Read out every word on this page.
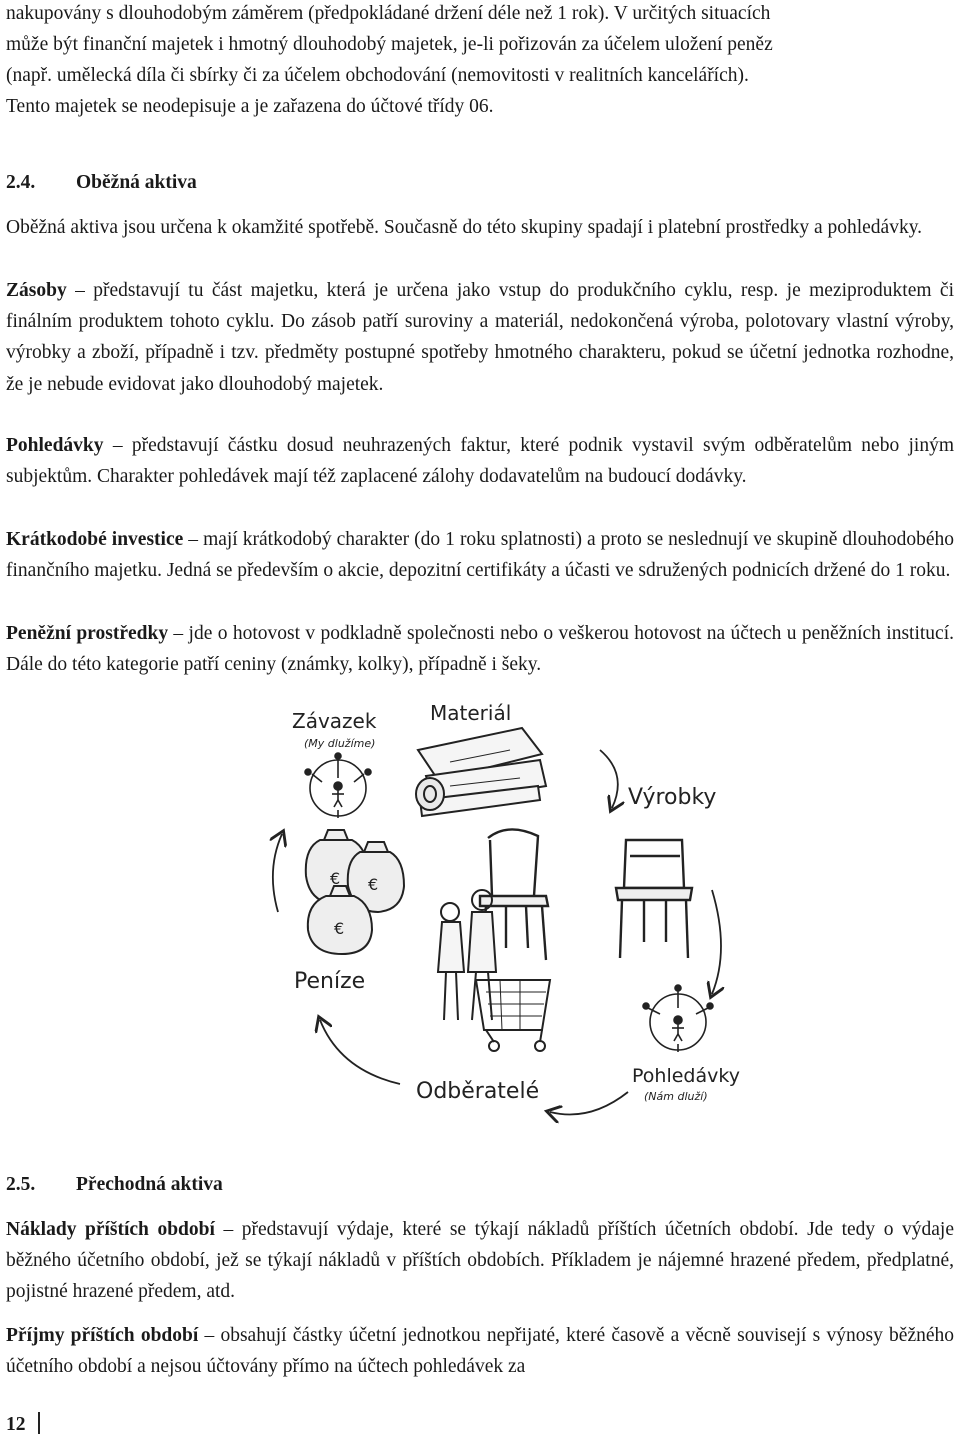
nakupovány s dlouhodobým záměrem (předpokládané držení déle než 1 rok). V určitých situacích

může být finanční majetek i hmotný dlouhodobý majetek, je-li pořizován za účelem uložení peněz

(např. umělecká díla či sbírky či za účelem obchodování (nemovitosti v realitních kancelářích).

Tento majetek se neodepisuje a je zařazena do účtové třídy 06.

2.4. Oběžná aktiva

Oběžná aktiva jsou určena k okamžité spotřebě. Současně do této skupiny spadají i platební prostředky a pohledávky.

Zásoby – představují tu část majetku, která je určena jako vstup do produkčního cyklu, resp. je meziproduktem či finálním produktem tohoto cyklu. Do zásob patří suroviny a materiál, nedokončená výroba, polotovary vlastní výroby, výrobky a zboží, případně i tzv. předměty postupné spotřeby hmotného charakteru, pokud se účetní jednotka rozhodne, že je nebude evidovat jako dlouhodobý majetek.

Pohledávky – představují částku dosud neuhrazených faktur, které podnik vystavil svým odběratelům nebo jiným subjektům. Charakter pohledávek mají též zaplacené zálohy dodavatelům na budoucí dodávky.

Krátkodobé investice – mají krátkodobý charakter (do 1 roku splatnosti) a proto se neslednují ve skupině dlouhodobého finančního majetku. Jedná se především o akcie, depozitní certifikáty a účasti ve sdružených podnicích držené do 1 roku.

Peněžní prostředky – jde o hotovost v podkladně společnosti nebo o veškerou hotovost na účtech u peněžních institucí. Dále do této kategorie patří ceniny (známky, kolky), případně i šeky.

Závazek
(My dlužíme)
Materiál
Výrobky
Pohledávky
(Nám dluží)
Odběratelé
€ €
€
Peníze
2.5. Přechodná aktiva

Náklady příštích období – představují výdaje, které se týkají nákladů příštích účetních období. Jde tedy o výdaje běžného účetního období, jež se týkají nákladů v příštích obdobích. Příkladem je nájemné hrazené předem, předplatné, pojistné hrazené předem, atd.

Příjmy příštích období – obsahují částky účetní jednotkou nepřijaté, které časově a věcně souvisejí s výnosy běžného účetního období a nejsou účtovány přímo na účtech pohledávek za

12
